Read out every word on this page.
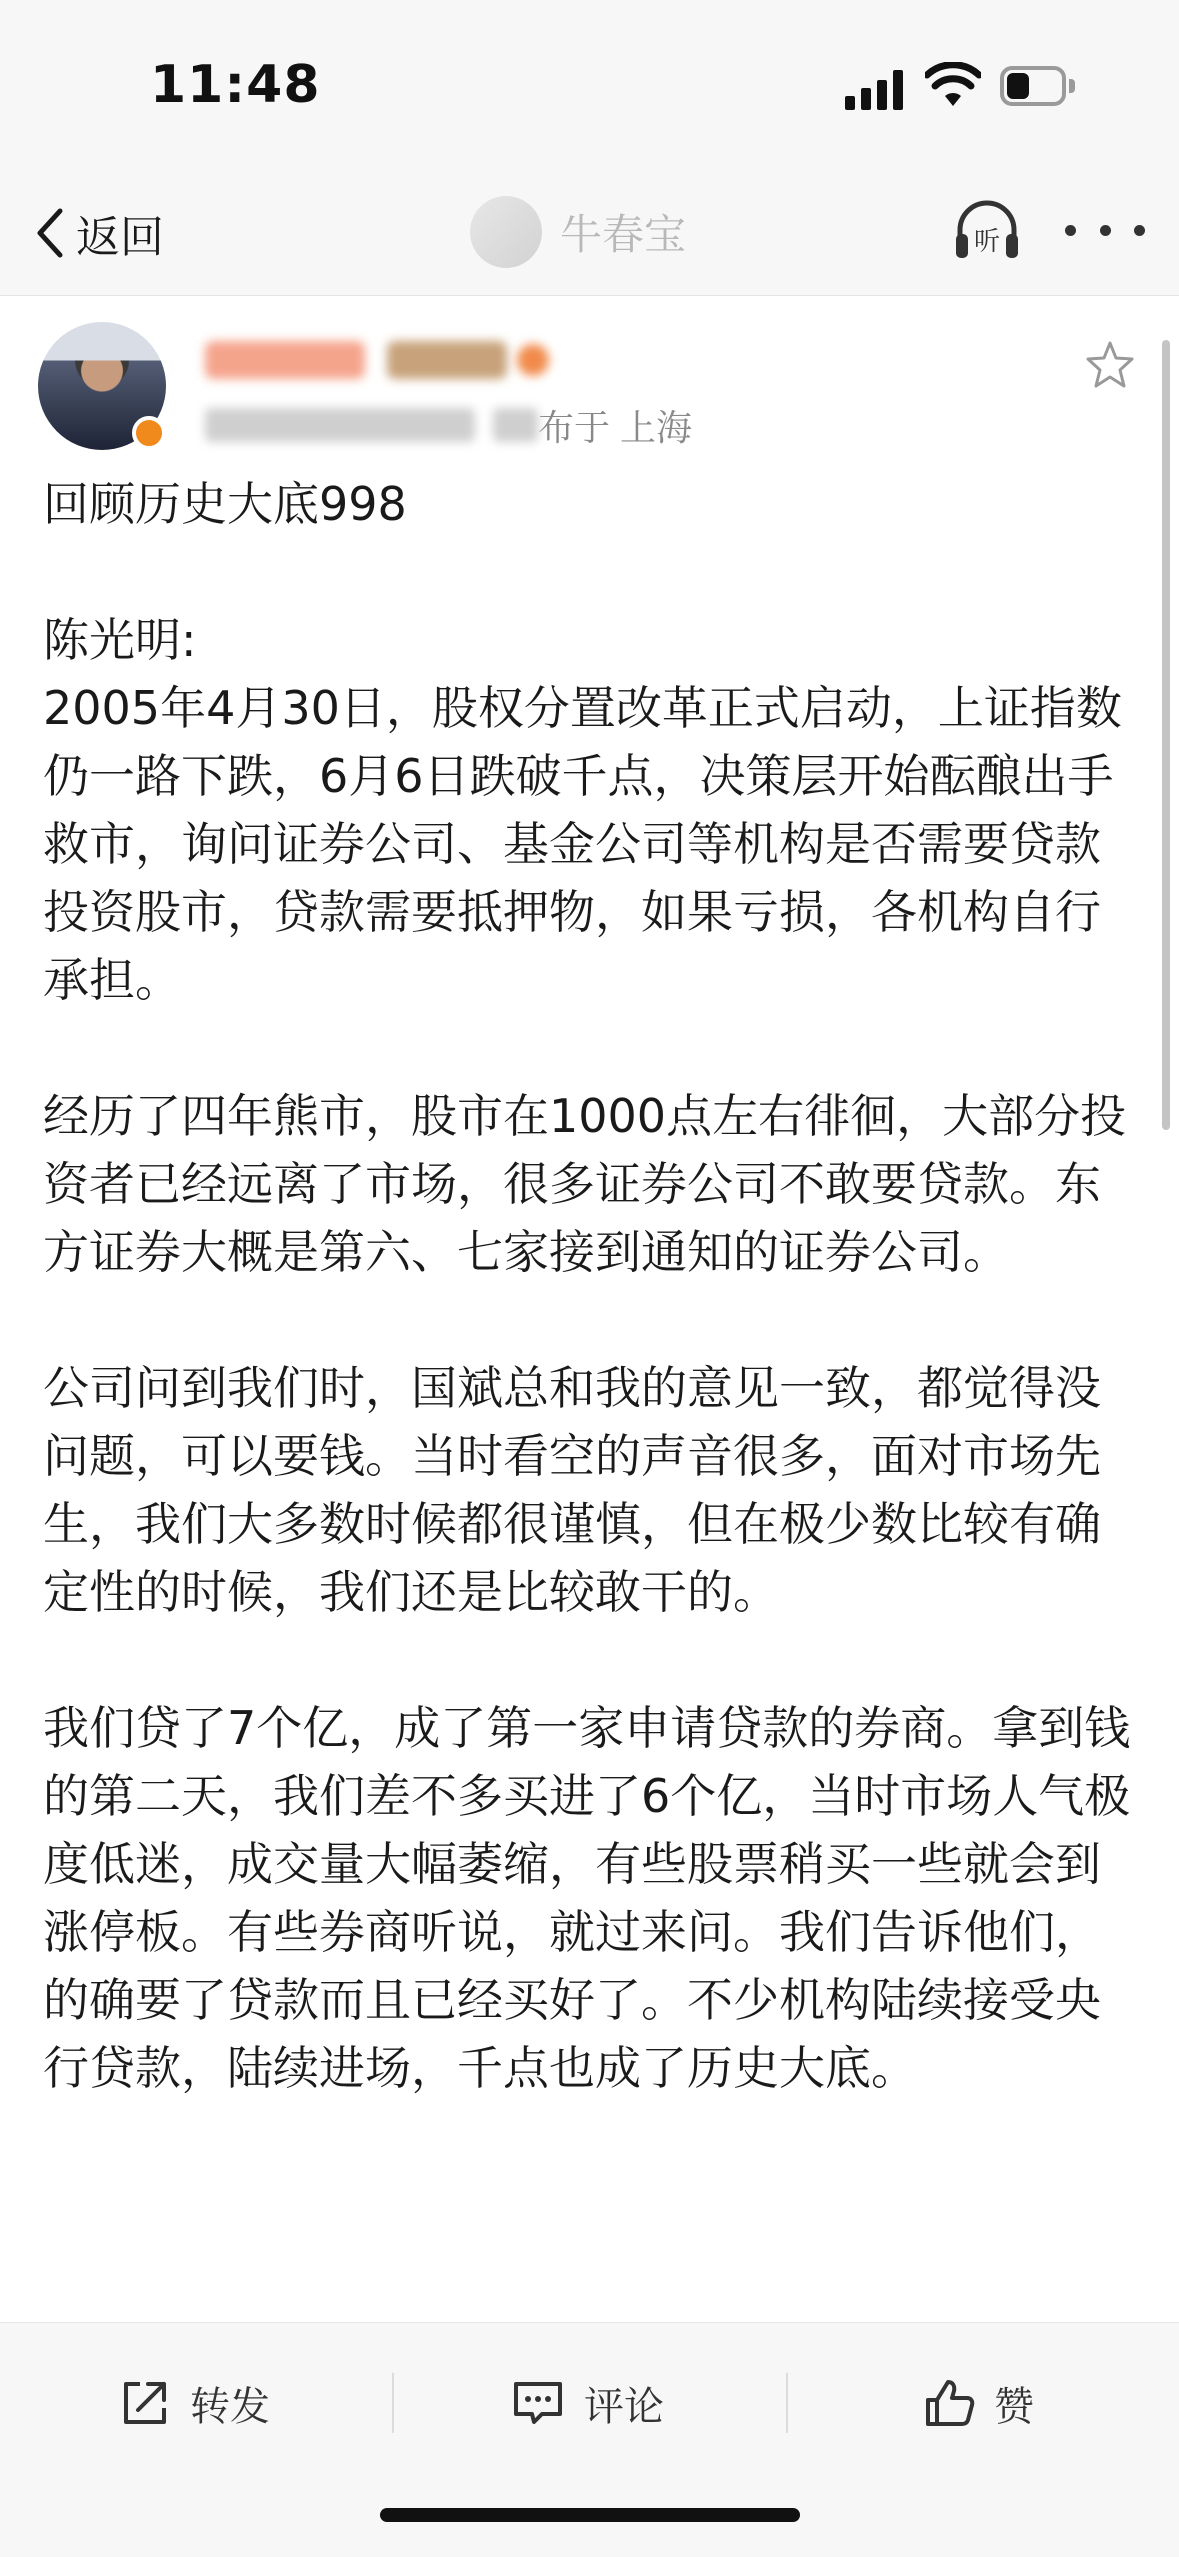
11:48
返回	牛春宝	听
布于 上海

回顾历史大底998

陈光明:

2005年4月30日，股权分置改革正式启动，上证指数仍一路下跌，6月6日跌破千点，决策层开始酝酿出手救市，询问证券公司、基金公司等机构是否需要贷款投资股市，贷款需要抵押物，如果亏损，各机构自行承担。

经历了四年熊市，股市在1000点左右徘徊，大部分投资者已经远离了市场，很多证券公司不敢要贷款。东方证券大概是第六、七家接到通知的证券公司。

公司问到我们时，国斌总和我的意见一致，都觉得没问题，可以要钱。当时看空的声音很多，面对市场先生，我们大多数时候都很谨慎，但在极少数比较有确定性的时候，我们还是比较敢干的。

我们贷了7个亿，成了第一家申请贷款的券商。拿到钱的第二天，我们差不多买进了6个亿，当时市场人气极度低迷，成交量大幅萎缩，有些股票稍买一些就会到涨停板。有些券商听说，就过来问。我们告诉他们，的确要了贷款而且已经买好了。不少机构陆续接受央行贷款，陆续进场，千点也成了历史大底。

转发	评论	赞
